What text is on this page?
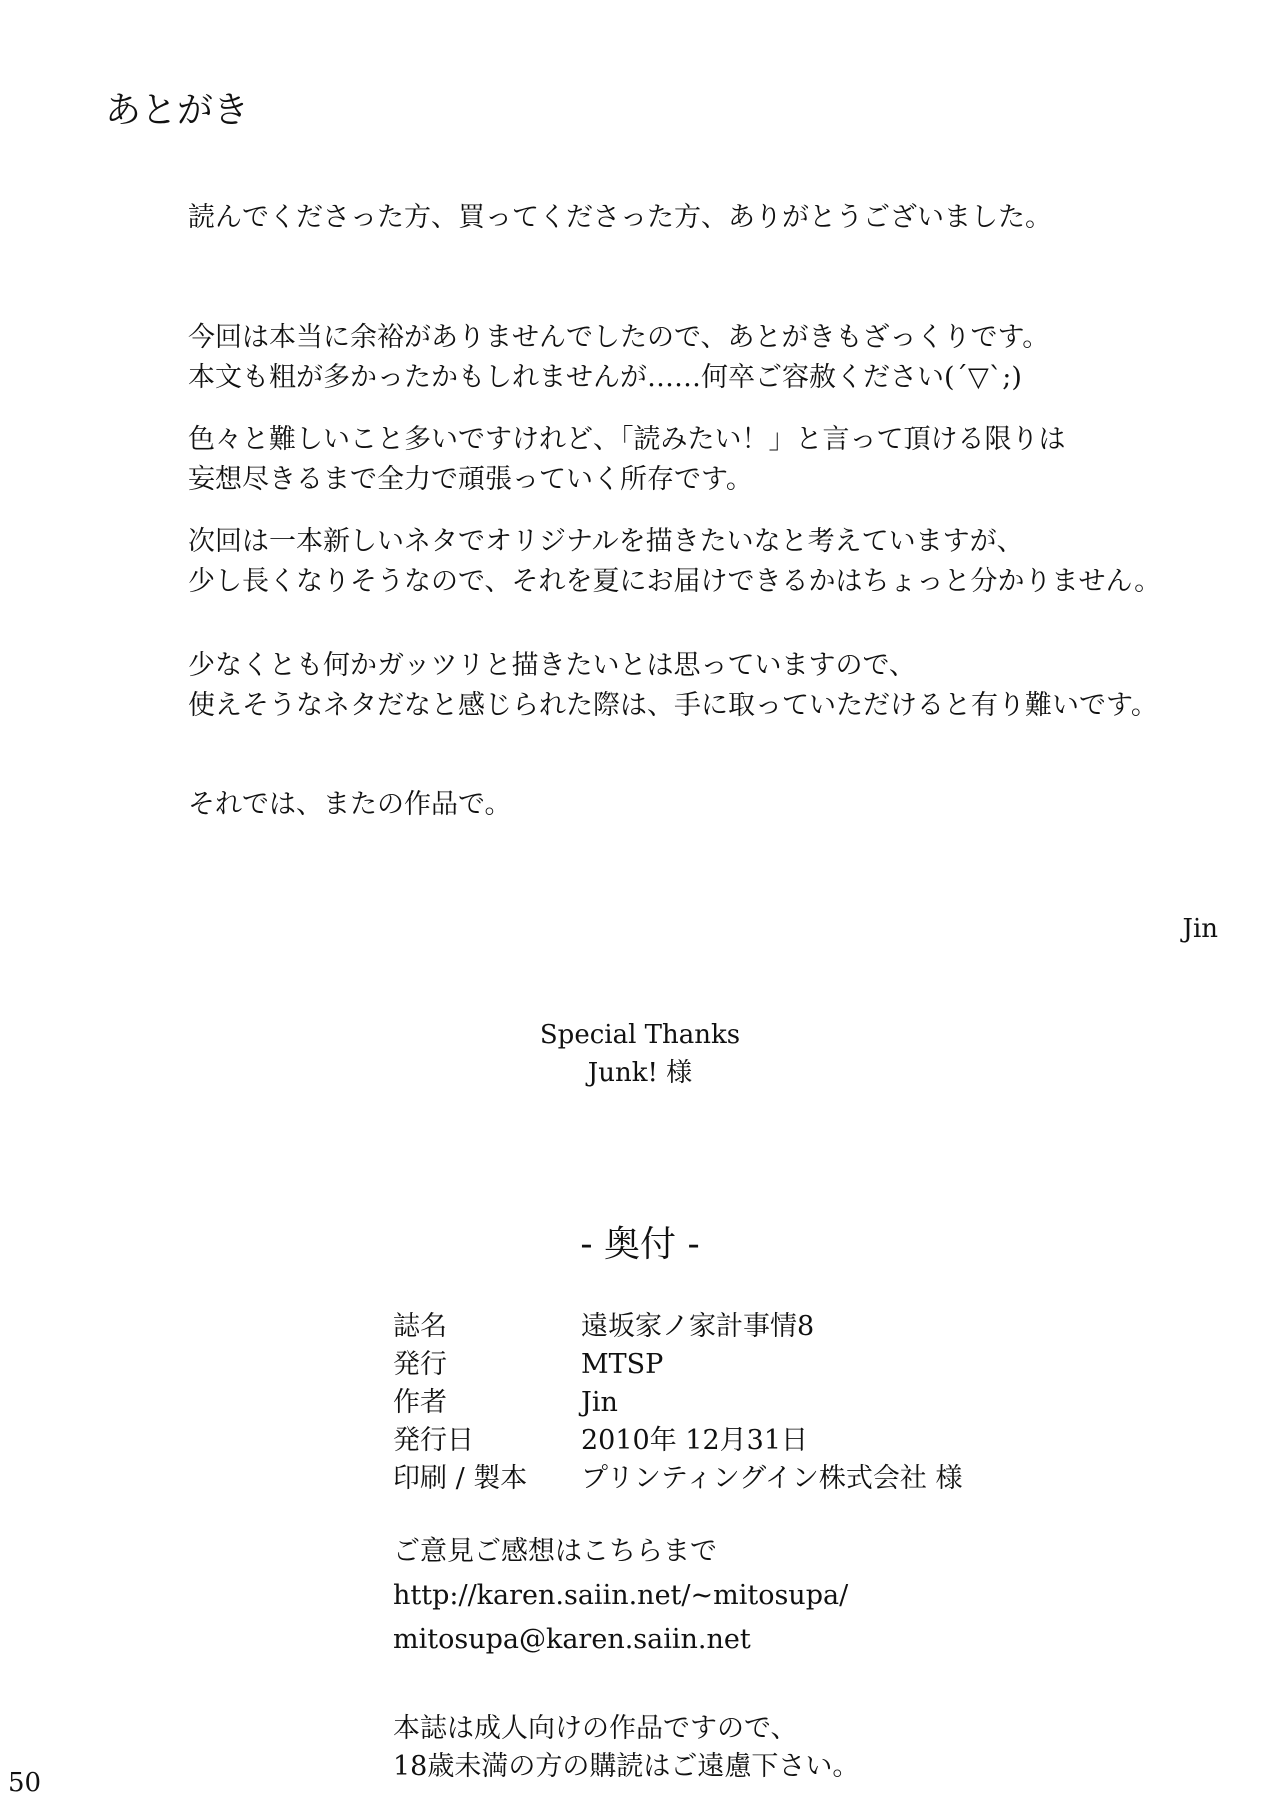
あとがき
読んでくださった方、買ってくださった方、ありがとうございました。
今回は本当に余裕がありませんでしたので、あとがきもざっくりです。
本文も粗が多かったかもしれませんが……何卒ご容赦ください(´▽`;)
色々と難しいこと多いですけれど、「読みたい！」と言って頂ける限りは
妄想尽きるまで全力で頑張っていく所存です。
次回は一本新しいネタでオリジナルを描きたいなと考えていますが、
少し長くなりそうなので、それを夏にお届けできるかはちょっと分かりません。
少なくとも何かガッツリと描きたいとは思っていますので、
使えそうなネタだなと感じられた際は、手に取っていただけると有り難いです。
それでは、またの作品で。
Jin
Special Thanks
Junk! 様
- 奥付 -
誌名	遠坂家ノ家計事情8
発行	MTSP
作者	Jin
発行日	2010年 12月31日
印刷 / 製本	プリンティングイン株式会社 様
ご意見ご感想はこちらまで
http://karen.saiin.net/~mitosupa/
mitosupa@karen.saiin.net
本誌は成人向けの作品ですので、
18歳未満の方の購読はご遠慮下さい。
50
